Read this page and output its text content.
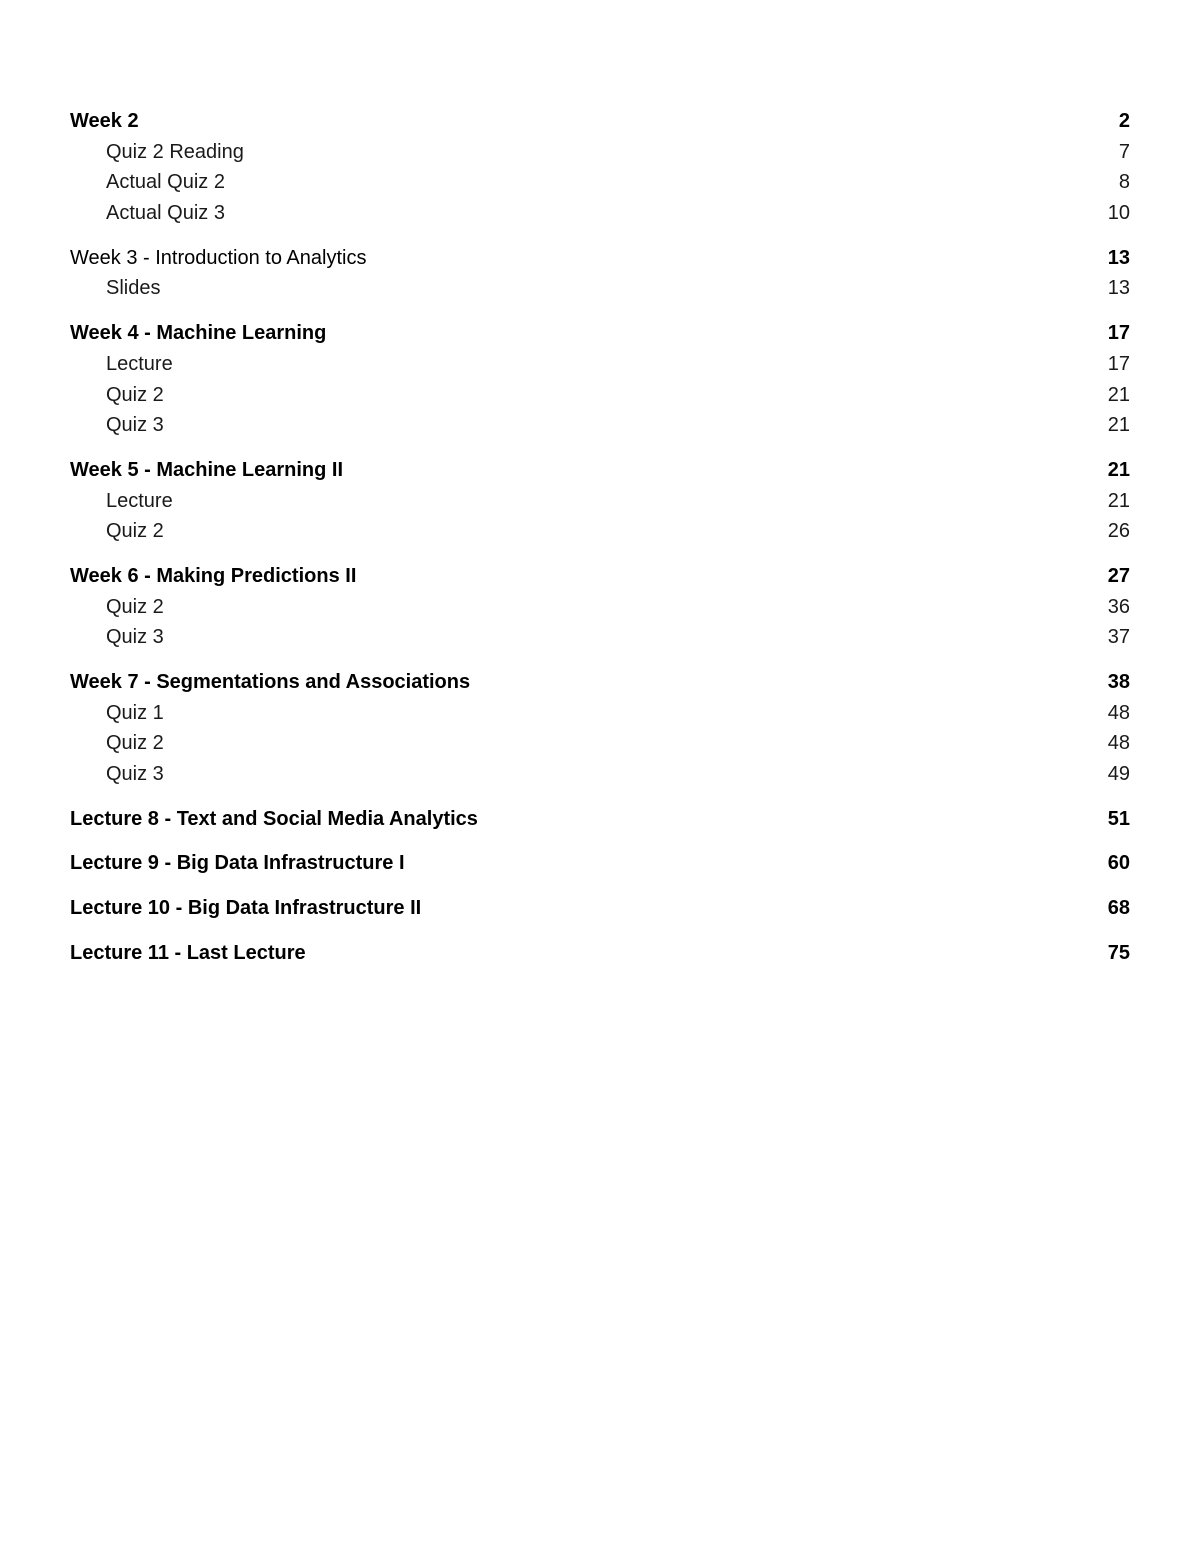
Week 2	2
Quiz 2 Reading	7
Actual Quiz 2	8
Actual Quiz 3	10
Week 3 - Introduction to Analytics	13
Slides	13
Week 4 - Machine Learning	17
Lecture	17
Quiz 2	21
Quiz 3	21
Week 5 - Machine Learning II	21
Lecture	21
Quiz 2	26
Week 6 - Making Predictions II	27
Quiz 2	36
Quiz 3	37
Week 7 - Segmentations and Associations	38
Quiz 1	48
Quiz 2	48
Quiz 3	49
Lecture 8 - Text and Social Media Analytics	51
Lecture 9 - Big Data Infrastructure I	60
Lecture 10 - Big Data Infrastructure II	68
Lecture 11 - Last Lecture	75
